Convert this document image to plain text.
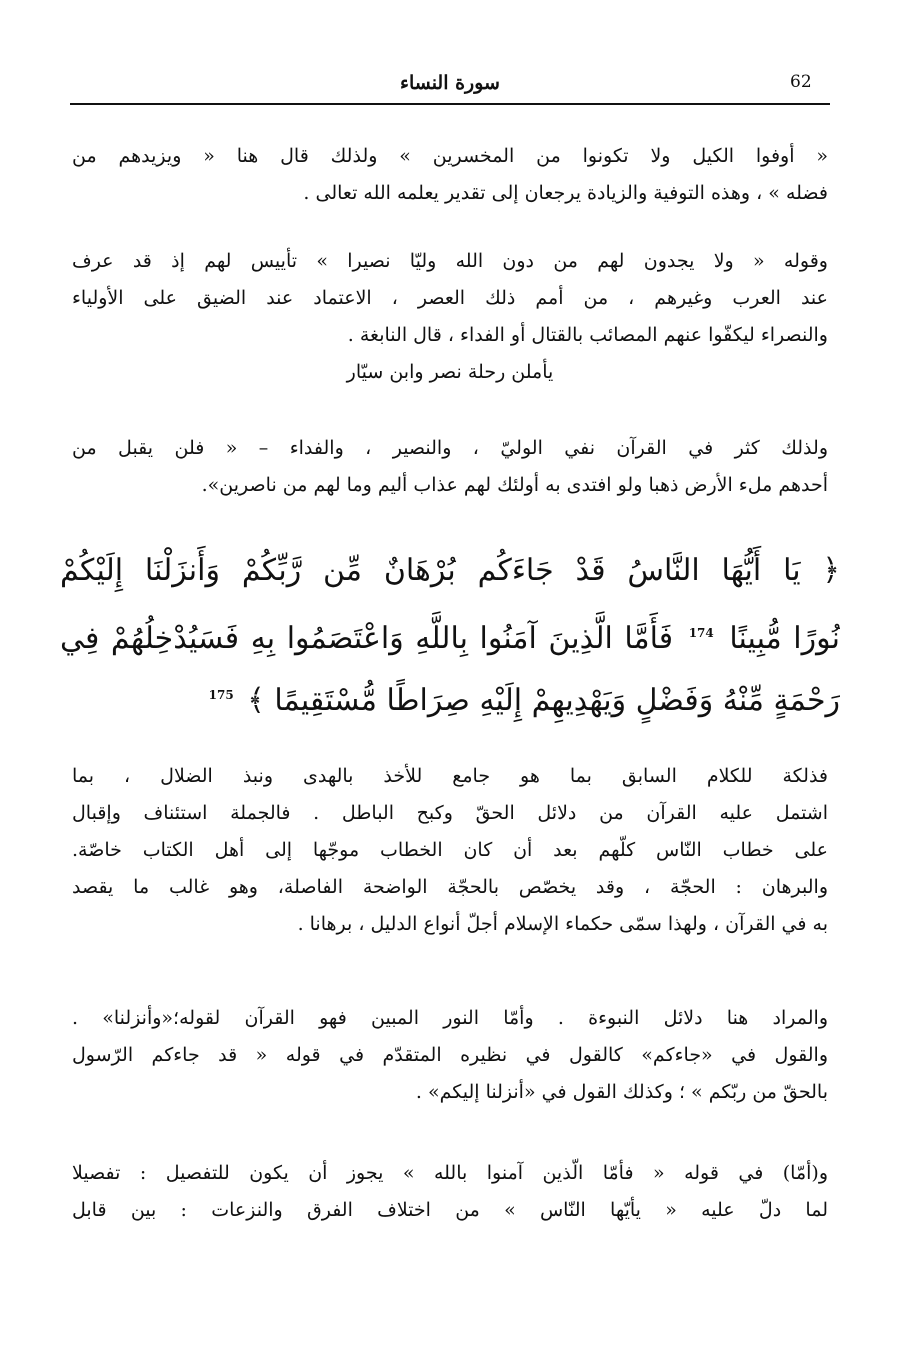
62
سورة النساء
« أوفوا الكيل ولا تكونوا من المخسرين » ولذلك قال هنا « ويزيدهم من
فضله » ، وهذه التوفية والزيادة يرجعان إلى تقدير يعلمه الله تعالى .
وقوله « ولا يجدون لهم من دون الله وليّا نصيرا » تأييس لهم إذ قد عرف
عند العرب وغيرهم ، من أمم ذلك العصر ، الاعتماد عند الضيق على الأولياء
والنصراء ليكفّوا عنهم المصائب بالقتال أو الفداء ، قال النابغة .
يأملن رحلة نصر وابن سيّار
ولذلك كثر في القرآن نفي الوليّ ، والنصير ، والفداء – « فلن يقبل من
أحدهم ملء الأرض ذهبا ولو افتدى به أولئك لهم عذاب أليم وما لهم من ناصرين».
﴿ يَا أَيُّهَا النَّاسُ قَدْ جَاءَكُم بُرْهَانٌ مِّن رَّبِّكُمْ وَأَنزَلْنَا إِلَيْكُمْ
نُورًا مُّبِينًا $^{174}$ فَأَمَّا الَّذِينَ آمَنُوا بِاللَّهِ وَاعْتَصَمُوا بِهِ فَسَيُدْخِلُهُمْ فِي
رَحْمَةٍ مِّنْهُ وَفَضْلٍ وَيَهْدِيهِمْ إِلَيْهِ صِرَاطًا مُّسْتَقِيمًا ﴾ $^{175}$
فذلكة للكلام السابق بما هو جامع للأخذ بالهدى ونبذ الضلال ، بما
اشتمل عليه القرآن من دلائل الحقّ وكبح الباطل . فالجملة استئناف وإقبال
على خطاب النّاس كلّهم بعد أن كان الخطاب موجّها إلى أهل الكتاب خاصّة.
والبرهان : الحجّة ، وقد يخصّص بالحجّة الواضحة الفاصلة، وهو غالب ما يقصد
به في القرآن ، ولهذا سمّى حكماء الإسلام أجلّ أنواع الدليل ، برهانا .
والمراد هنا دلائل النبوءة . وأمّا النور المبين فهو القرآن لقوله؛«وأنزلنا» .
والقول في «جاءكم» كالقول في نظيره المتقدّم في قوله « قد جاءكم الرّسول
بالحقّ من ربّكم » ؛ وكذلك القول في «أنزلنا إليكم» .
و(أمّا) في قوله « فأمّا الّذين آمنوا بالله » يجوز أن يكون للتفصيل : تفصيلا
لما دلّ عليه « يأيّها النّاس » من اختلاف الفرق والنزعات : بين قابل
